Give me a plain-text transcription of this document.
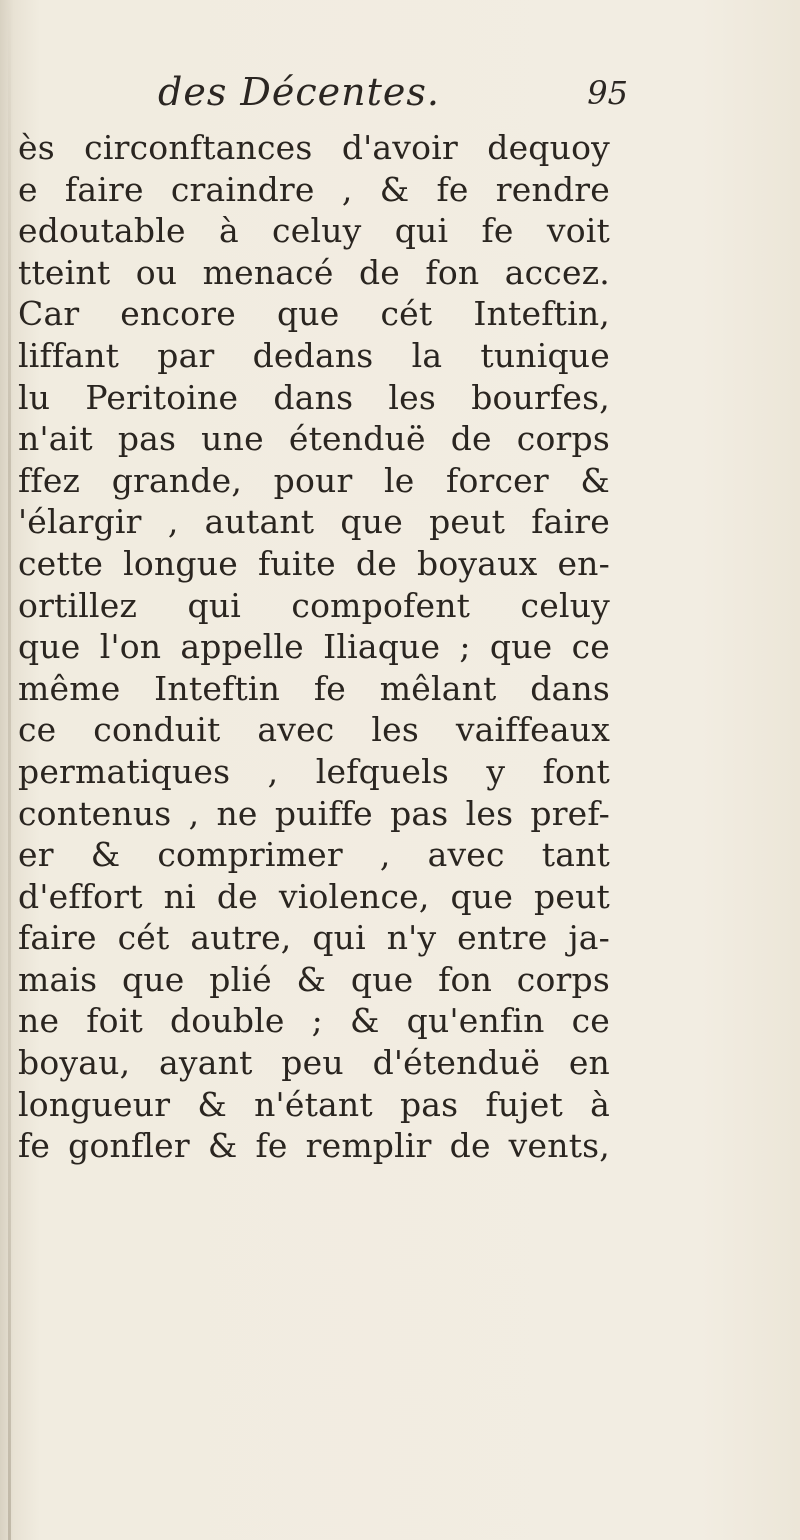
des Décentes.	95
ès circonftances d'avoir dequoy
e faire craindre , & fe rendre
edoutable à celuy qui fe voit
tteint ou menacé de fon accez.
Car encore que cét Inteftin,
liffant par dedans la tunique
lu Peritoine dans les bourfes,
n'ait pas une étenduë de corps
ffez grande, pour le forcer &
'élargir , autant que peut faire
cette longue fuite de boyaux en-
ortillez qui compofent celuy
que l'on appelle Iliaque ; que ce
même Inteftin fe mêlant dans
ce conduit avec les vaiffeaux
permatiques , lefquels y font
contenus , ne puiffe pas les pref-
er & comprimer , avec tant
d'effort ni de violence, que peut
faire cét autre, qui n'y entre ja-
mais que plié & que fon corps
ne foit double ; & qu'enfin ce
boyau, ayant peu d'étenduë en
longueur & n'étant pas fujet à
fe gonfler & fe remplir de vents,
